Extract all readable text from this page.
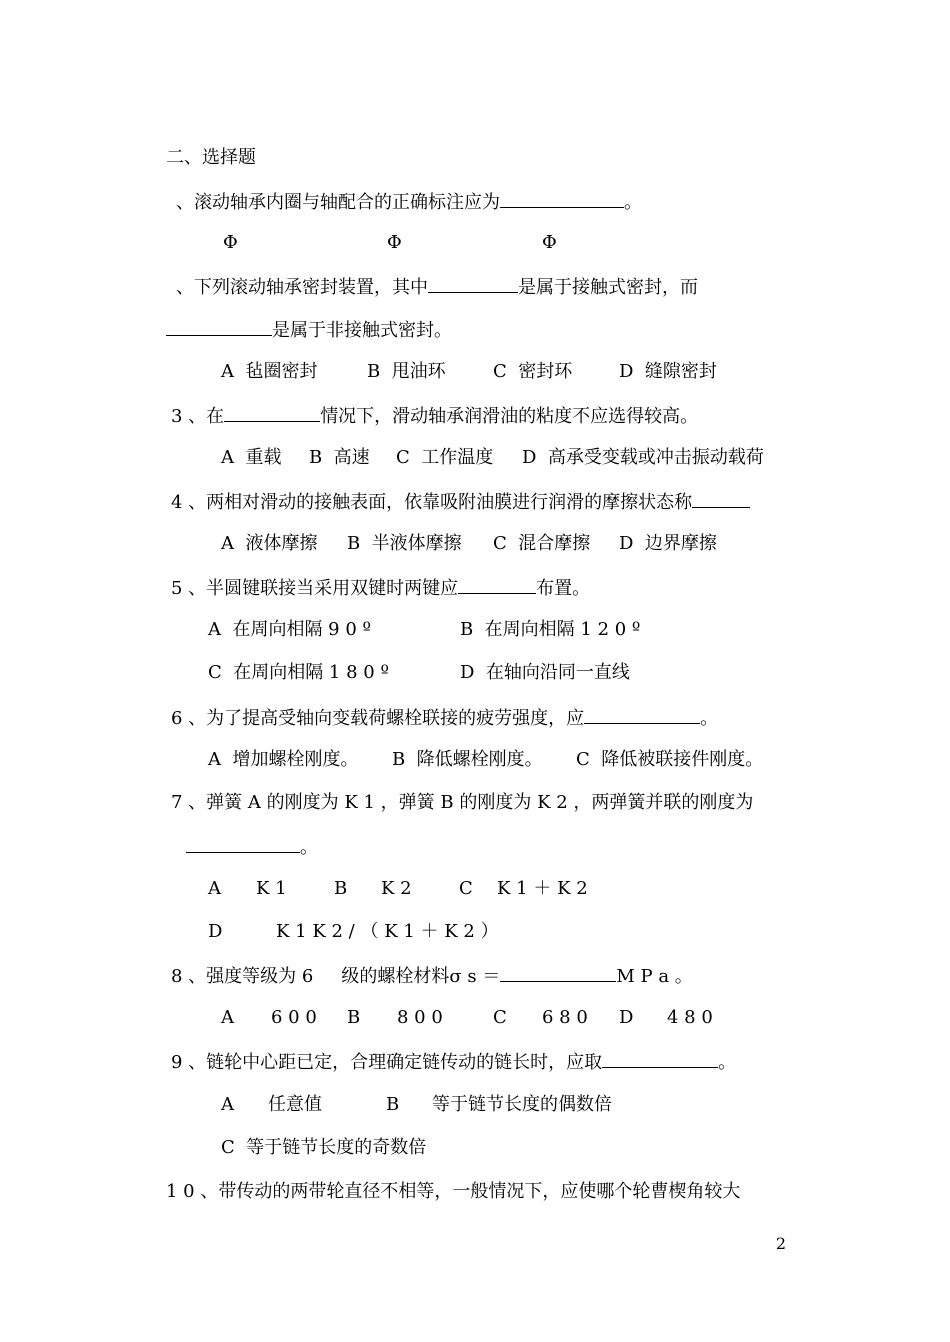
二、选择题
、滚动轴承内圈与轴配合的正确标注应为	。
Φ	Φ	Φ
、下列滚动轴承密封装置，其中	是属于接触式密封，而
是属于非接触式密封。
A  毡圈密封	B  甩油环	C  密封环	D  缝隙密封
3 、在	情况下，滑动轴承润滑油的粘度不应选得较高。
A  重载 B  高速 C  工作温度 D  高承受变载或冲击振动载荷
4 、两相对滑动的接触表面，依靠吸附油膜进行润滑的摩擦状态称
A  液体摩擦 B  半液体摩擦 C  混合摩擦 D  边界摩擦
5 、半圆键联接当采用双键时两键应	布置。
A  在周向相隔 9 0 º	B  在周向相隔 1 2 0 º
C  在周向相隔 1 8 0 º	D  在轴向沿同一直线
6 、为了提高受轴向变载荷螺栓联接的疲劳强度，应	。
A  增加螺栓刚度。 B  降低螺栓刚度。 C  降低被联接件刚度。
7 、弹簧 A 的刚度为 K 1 ，弹簧 B 的刚度为 K 2 ，两弹簧并联的刚度为
。
A K 1	B K 2	C K 1 ＋ K 2
D	K 1 K 2 / （ K 1 ＋ K 2 ）
8 、强度等级为 6 级的螺栓材料σ s ＝	M P a 。
A 6 0 0 B 8 0 0	C 6 8 0 D 4 8 0
9 、链轮中心距已定，合理确定链传动的链长时，应取	。
A 任意值	B 等于链节长度的偶数倍
C  等于链节长度的奇数倍
1 0 、带传动的两带轮直径不相等，一般情况下，应使哪个轮曹楔角较大
2
